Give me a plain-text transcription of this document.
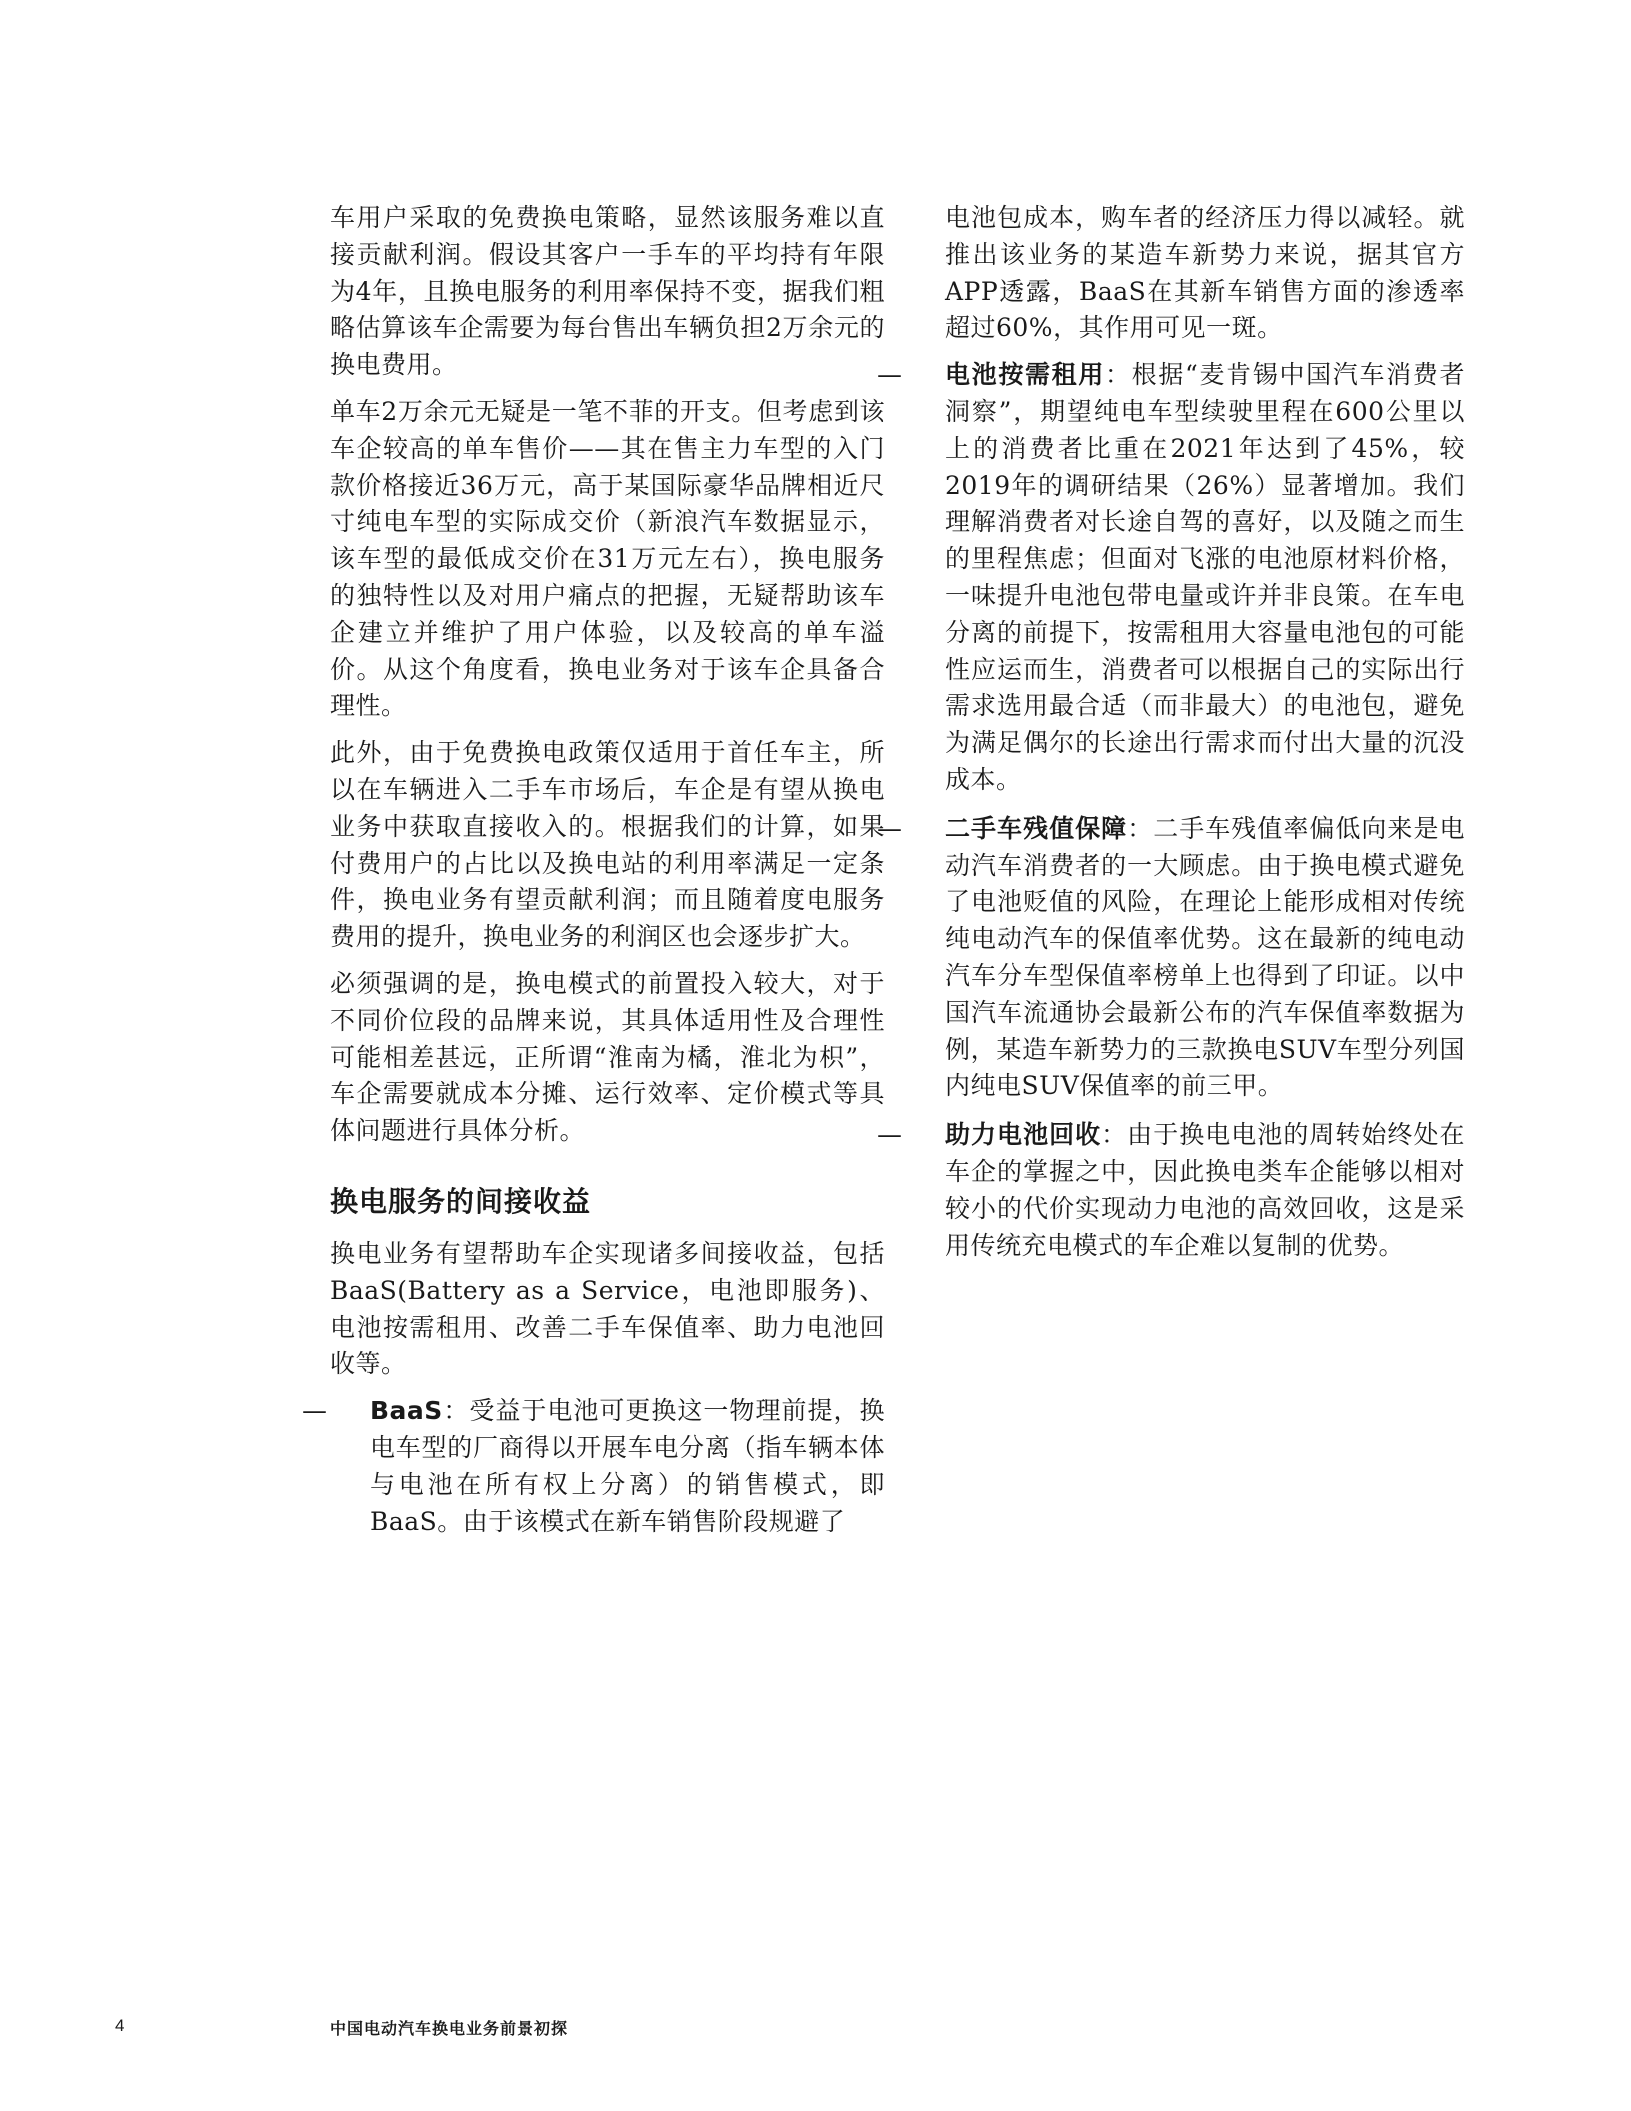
车用户采取的免费换电策略，显然该服务难以直接贡献利润。假设其客户一手车的平均持有年限为4年，且换电服务的利用率保持不变，据我们粗略估算该车企需要为每台售出车辆负担2万余元的换电费用。

单车2万余元无疑是一笔不菲的开支。但考虑到该车企较高的单车售价——其在售主力车型的入门款价格接近36万元，高于某国际豪华品牌相近尺寸纯电车型的实际成交价（新浪汽车数据显示，该车型的最低成交价在31万元左右），换电服务的独特性以及对用户痛点的把握，无疑帮助该车企建立并维护了用户体验，以及较高的单车溢价。从这个角度看，换电业务对于该车企具备合理性。

此外，由于免费换电政策仅适用于首任车主，所以在车辆进入二手车市场后，车企是有望从换电业务中获取直接收入的。根据我们的计算，如果付费用户的占比以及换电站的利用率满足一定条件，换电业务有望贡献利润；而且随着度电服务费用的提升，换电业务的利润区也会逐步扩大。

必须强调的是，换电模式的前置投入较大，对于不同价位段的品牌来说，其具体适用性及合理性可能相差甚远，正所谓“淮南为橘，淮北为枳”，车企需要就成本分摊、运行效率、定价模式等具体问题进行具体分析。

换电服务的间接收益

换电业务有望帮助车企实现诸多间接收益，包括BaaS(Battery as a Service，电池即服务)、电池按需租用、改善二手车保值率、助力电池回收等。

—	BaaS：受益于电池可更换这一物理前提，换电车型的厂商得以开展车电分离（指车辆本体与电池在所有权上分离）的销售模式，即BaaS。由于该模式在新车销售阶段规避了

电池包成本，购车者的经济压力得以减轻。就推出该业务的某造车新势力来说，据其官方APP透露，BaaS在其新车销售方面的渗透率超过60%，其作用可见一斑。

—	电池按需租用：根据“麦肯锡中国汽车消费者洞察”，期望纯电车型续驶里程在600公里以上的消费者比重在2021年达到了45%，较2019年的调研结果（26%）显著增加。我们理解消费者对长途自驾的喜好，以及随之而生的里程焦虑；但面对飞涨的电池原材料价格，一味提升电池包带电量或许并非良策。在车电分离的前提下，按需租用大容量电池包的可能性应运而生，消费者可以根据自己的实际出行需求选用最合适（而非最大）的电池包，避免为满足偶尔的长途出行需求而付出大量的沉没成本。

—	二手车残值保障：二手车残值率偏低向来是电动汽车消费者的一大顾虑。由于换电模式避免了电池贬值的风险，在理论上能形成相对传统纯电动汽车的保值率优势。这在最新的纯电动汽车分车型保值率榜单上也得到了印证。以中国汽车流通协会最新公布的汽车保值率数据为例，某造车新势力的三款换电SUV车型分列国内纯电SUV保值率的前三甲。

—	助力电池回收：由于换电电池的周转始终处在车企的掌握之中，因此换电类车企能够以相对较小的代价实现动力电池的高效回收，这是采用传统充电模式的车企难以复制的优势。

4	中国电动汽车换电业务前景初探
